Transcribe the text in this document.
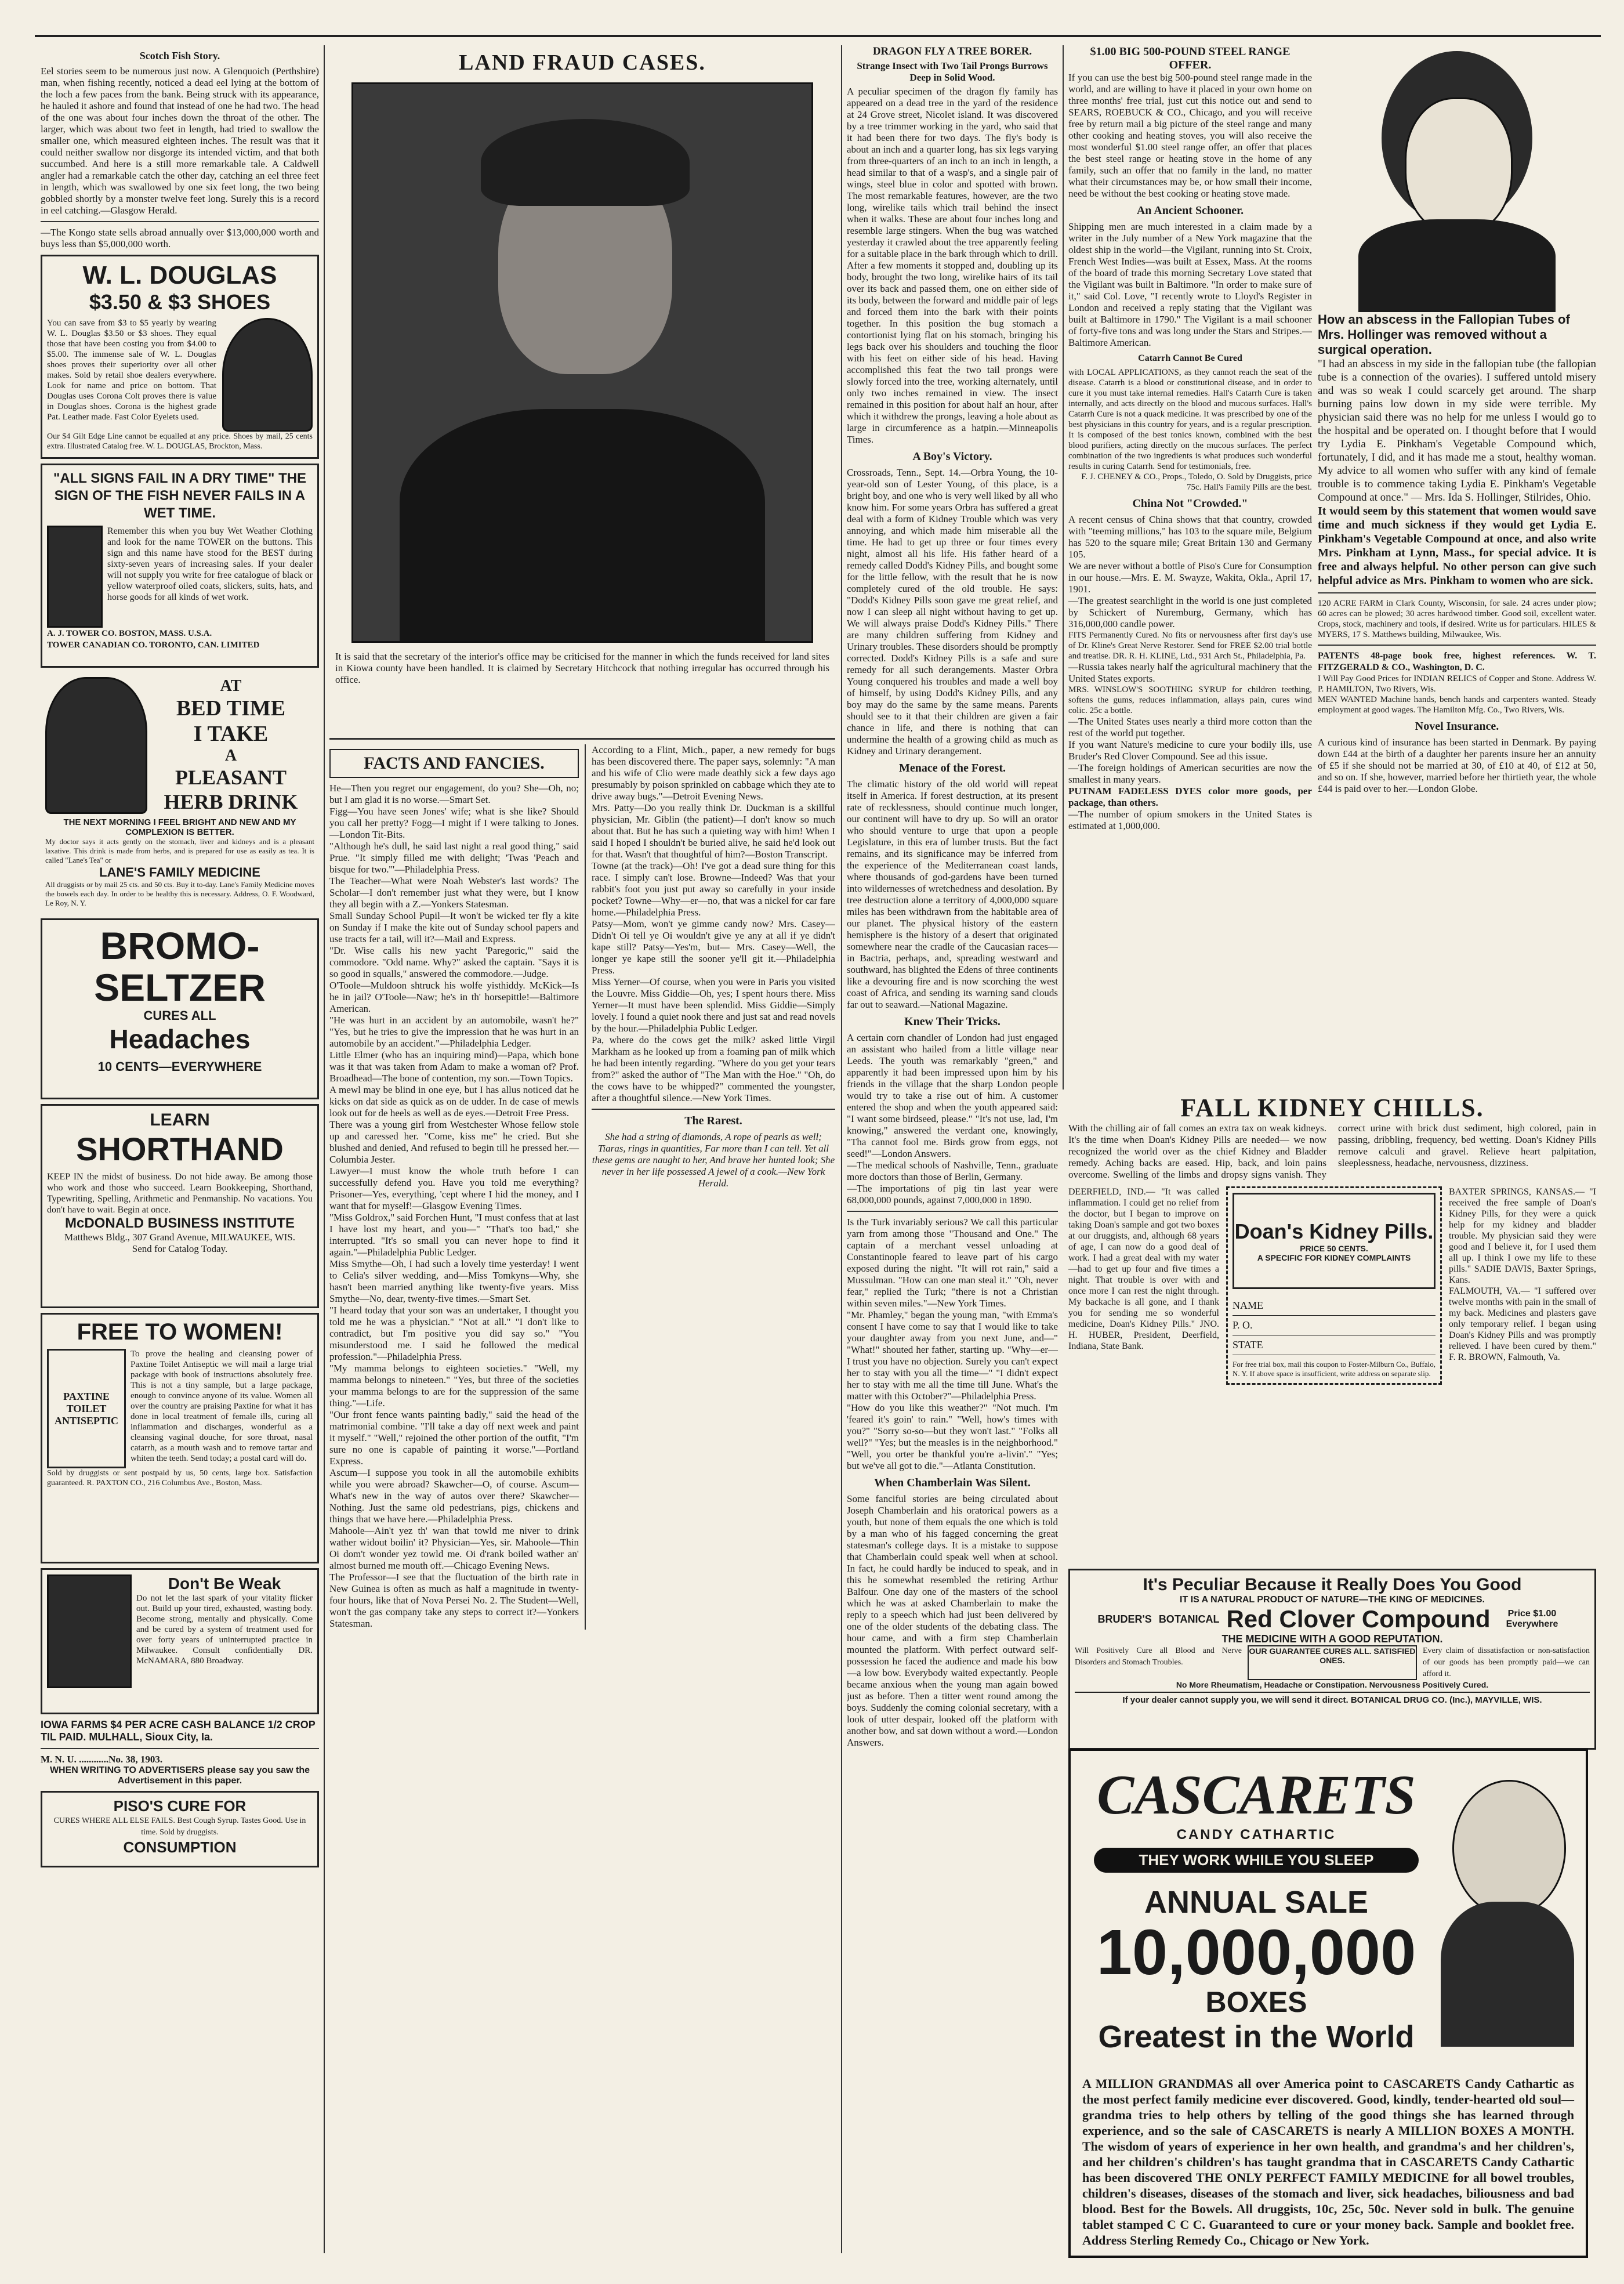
Scotch Fish Story.
Eel stories seem to be numerous just now. A Glenquoich (Perthshire) man, when fishing recently, noticed a dead eel lying at the bottom of the loch a few paces from the bank. Being struck with its appearance, he hauled it ashore and found that instead of one he had two. The head of the one was about four inches down the throat of the other. The larger, which was about two feet in length, had tried to swallow the smaller one, which measured eighteen inches. The result was that it could neither swallow nor disgorge its intended victim, and that both succumbed. And here is a still more remarkable tale. A Caldwell angler had a remarkable catch the other day, catching an eel three feet in length, which was swallowed by one six feet long, the two being gobbled shortly by a monster twelve feet long. Surely this is a record in eel catching.—Glasgow Herald.
—The Kongo state sells abroad annually over $13,000,000 worth and buys less than $5,000,000 worth.
W. L. DOUGLAS
$3.50 & $3 SHOES
You can save from $3 to $5 yearly by wearing W. L. Douglas $3.50 or $3 shoes. They equal those that have been costing you from $4.00 to $5.00. The immense sale of W. L. Douglas shoes proves their superiority over all other makes. Sold by retail shoe dealers everywhere. Look for name and price on bottom. That Douglas uses Corona Colt proves there is value in Douglas shoes. Corona is the highest grade Pat. Leather made. Fast Color Eyelets used.
Our $4 Gilt Edge Line cannot be equalled at any price. Shoes by mail, 25 cents extra. Illustrated Catalog free. W. L. DOUGLAS, Brockton, Mass.
"ALL SIGNS FAIL IN A DRY TIME" THE SIGN OF THE FISH NEVER FAILS IN A WET TIME.
Remember this when you buy Wet Weather Clothing and look for the name TOWER on the buttons. This sign and this name have stood for the BEST during sixty-seven years of increasing sales. If your dealer will not supply you write for free catalogue of black or yellow waterproof oiled coats, slickers, suits, hats, and horse goods for all kinds of wet work.
A. J. TOWER CO. BOSTON, MASS. U.S.A.
TOWER CANADIAN CO. TORONTO, CAN. LIMITED
AT
BED TIME
I TAKE
A
PLEASANT
HERB DRINK
THE NEXT MORNING I FEEL BRIGHT AND NEW AND MY COMPLEXION IS BETTER.
My doctor says it acts gently on the stomach, liver and kidneys and is a pleasant laxative. This drink is made from herbs, and is prepared for use as easily as tea. It is called "Lane's Tea" or
LANE'S FAMILY MEDICINE
All druggists or by mail 25 cts. and 50 cts. Buy it to-day. Lane's Family Medicine moves the bowels each day. In order to be healthy this is necessary. Address, O. F. Woodward, Le Roy, N. Y.
BROMO-
SELTZER
CURES ALL
Headaches
10 CENTS—EVERYWHERE
LEARN
SHORTHAND
KEEP IN the midst of business. Do not hide away. Be among those who work and those who succeed. Learn Bookkeeping, Shorthand, Typewriting, Spelling, Arithmetic and Penmanship. No vacations. You don't have to wait. Begin at once.
McDONALD BUSINESS INSTITUTE
Matthews Bldg., 307 Grand Avenue, MILWAUKEE, WIS.
Send for Catalog Today.
FREE TO WOMEN!
PAXTINE TOILET ANTISEPTIC
To prove the healing and cleansing power of Paxtine Toilet Antiseptic we will mail a large trial package with book of instructions absolutely free. This is not a tiny sample, but a large package, enough to convince anyone of its value. Women all over the country are praising Paxtine for what it has done in local treatment of female ills, curing all inflammation and discharges, wonderful as a cleansing vaginal douche, for sore throat, nasal catarrh, as a mouth wash and to remove tartar and whiten the teeth. Send today; a postal card will do.
Sold by druggists or sent postpaid by us, 50 cents, large box. Satisfaction guaranteed. R. PAXTON CO., 216 Columbus Ave., Boston, Mass.
Don't Be Weak
Do not let the last spark of your vitality flicker out. Build up your tired, exhausted, wasting body. Become strong, mentally and physically. Come and be cured by a system of treatment used for over forty years of uninterrupted practice in Milwaukee. Consult confidentially DR. McNAMARA, 880 Broadway.
IOWA FARMS $4 PER ACRE CASH BALANCE 1/2 CROP TIL PAID. MULHALL, Sioux City, Ia.
M. N. U. ............No. 38, 1903.
WHEN WRITING TO ADVERTISERS please say you saw the Advertisement in this paper.
PISO'S CURE FOR
CURES WHERE ALL ELSE FAILS. Best Cough Syrup. Tastes Good. Use in time. Sold by druggists.
CONSUMPTION
LAND FRAUD CASES.
It is said that the secretary of the interior's office may be criticised for the manner in which the funds received for land sites in Kiowa county have been handled. It is claimed by Secretary Hitchcock that nothing irregular has occurred through his office.
FACTS AND FANCIES.
He—Then you regret our engagement, do you? She—Oh, no; but I am glad it is no worse.—Smart Set.
Figg—You have seen Jones' wife; what is she like? Should you call her pretty? Fogg—I might if I were talking to Jones.—London Tit-Bits.
"Although he's dull, he said last night a real good thing," said Prue. "It simply filled me with delight; 'Twas 'Peach and bisque for two.'"—Philadelphia Press.
The Teacher—What were Noah Webster's last words? The Scholar—I don't remember just what they were, but I know they all begin with a Z.—Yonkers Statesman.
Small Sunday School Pupil—It won't be wicked ter fly a kite on Sunday if I make the kite out of Sunday school papers and use tracts fer a tail, will it?—Mail and Express.
"Dr. Wise calls his new yacht 'Paregoric,'" said the commodore. "Odd name. Why?" asked the captain. "Says it is so good in squalls," answered the commodore.—Judge.
O'Toole—Muldoon shtruck his wolfe yisthiddy. McKick—Is he in jail? O'Toole—Naw; he's in th' horsepittle!—Baltimore American.
"He was hurt in an accident by an automobile, wasn't he?" "Yes, but he tries to give the impression that he was hurt in an automobile by an accident."—Philadelphia Ledger.
Little Elmer (who has an inquiring mind)—Papa, which bone was it that was taken from Adam to make a woman of? Prof. Broadhead—The bone of contention, my son.—Town Topics.
A mewl may be blind in one eye, but I has allus noticed dat he kicks on dat side as quick as on de udder. In de case of mewls look out for de heels as well as de eyes.—Detroit Free Press.
There was a young girl from Westchester Whose fellow stole up and caressed her. "Come, kiss me" he cried. But she blushed and denied, And refused to begin till he pressed her.—Columbia Jester.
Lawyer—I must know the whole truth before I can successfully defend you. Have you told me everything? Prisoner—Yes, everything, 'cept where I hid the money, and I want that for myself!—Glasgow Evening Times.
"Miss Goldrox," said Forchen Hunt, "I must confess that at last I have lost my heart, and you—" "That's too bad," she interrupted. "It's so small you can never hope to find it again."—Philadelphia Public Ledger.
Miss Smythe—Oh, I had such a lovely time yesterday! I went to Celia's silver wedding, and—Miss Tomkyns—Why, she hasn't been married anything like twenty-five years. Miss Smythe—No, dear, twenty-five times.—Smart Set.
"I heard today that your son was an undertaker, I thought you told me he was a physician." "Not at all." "I don't like to contradict, but I'm positive you did say so." "You misunderstood me. I said he followed the medical profession."—Philadelphia Press.
"My mamma belongs to eighteen societies." "Well, my mamma belongs to nineteen." "Yes, but three of the societies your mamma belongs to are for the suppression of the same thing."—Life.
"Our front fence wants painting badly," said the head of the matrimonial combine. "I'll take a day off next week and paint it myself." "Well," rejoined the other portion of the outfit, "I'm sure no one is capable of painting it worse."—Portland Express.
Ascum—I suppose you took in all the automobile exhibits while you were abroad? Skawcher—O, of course. Ascum—What's new in the way of autos over there? Skawcher—Nothing. Just the same old pedestrians, pigs, chickens and things that we have here.—Philadelphia Press.
Mahoole—Ain't yez th' wan that towld me niver to drink wather widout boilin' it? Physician—Yes, sir. Mahoole—Thin Oi dom't wonder yez towld me. Oi d'rank boiled wather an' almost burned me mouth off.—Chicago Evening News.
The Professor—I see that the fluctuation of the birth rate in New Guinea is often as much as half a magnitude in twenty-four hours, like that of Nova Persei No. 2. The Student—Well, won't the gas company take any steps to correct it?—Yonkers Statesman.
According to a Flint, Mich., paper, a new remedy for bugs has been discovered there. The paper says, solemnly: "A man and his wife of Clio were made deathly sick a few days ago presumably by poison sprinkled on cabbage which they ate to drive away bugs."—Detroit Evening News.
Mrs. Patty—Do you really think Dr. Duckman is a skillful physician, Mr. Giblin (the patient)—I don't know so much about that. But he has such a quieting way with him! When I said I hoped I shouldn't be buried alive, he said he'd look out for that. Wasn't that thoughtful of him?—Boston Transcript.
Towne (at the track)—Oh! I've got a dead sure thing for this race. I simply can't lose. Browne—Indeed? Was that your rabbit's foot you just put away so carefully in your inside pocket? Towne—Why—er—no, that was a nickel for car fare home.—Philadelphia Press.
Patsy—Mom, won't ye gimme candy now? Mrs. Casey—Didn't Oi tell ye Oi wouldn't give ye any at all if ye didn't kape still? Patsy—Yes'm, but— Mrs. Casey—Well, the longer ye kape still the sooner ye'll git it.—Philadelphia Press.
Miss Yerner—Of course, when you were in Paris you visited the Louvre. Miss Giddie—Oh, yes; I spent hours there. Miss Yerner—It must have been splendid. Miss Giddie—Simply lovely. I found a quiet nook there and just sat and read novels by the hour.—Philadelphia Public Ledger.
Pa, where do the cows get the milk? asked little Virgil Markham as he looked up from a foaming pan of milk which he had been intently regarding. "Where do you get your tears from?" asked the author of "The Man with the Hoe." "Oh, do the cows have to be whipped?" commented the youngster, after a thoughtful silence.—New York Times.
The Rarest.
She had a string of diamonds, A rope of pearls as well; Tiaras, rings in quantities, Far more than I can tell. Yet all these gems are naught to her, And brave her hunted look; She never in her life possessed A jewel of a cook.—New York Herald.
DRAGON FLY A TREE BORER.
Strange Insect with Two Tail Prongs Burrows Deep in Solid Wood.
A peculiar specimen of the dragon fly family has appeared on a dead tree in the yard of the residence at 24 Grove street, Nicolet island. It was discovered by a tree trimmer working in the yard, who said that it had been there for two days. The fly's body is about an inch and a quarter long, has six legs varying from three-quarters of an inch to an inch in length, a head similar to that of a wasp's, and a single pair of wings, steel blue in color and spotted with brown. The most remarkable features, however, are the two long, wirelike tails which trail behind the insect when it walks. These are about four inches long and resemble large stingers. When the bug was watched yesterday it crawled about the tree apparently feeling for a suitable place in the bark through which to drill. After a few moments it stopped and, doubling up its body, brought the two long, wirelike hairs of its tail over its back and passed them, one on either side of its body, between the forward and middle pair of legs and forced them into the bark with their points together. In this position the bug stomach a contortionist lying flat on his stomach, bringing his legs back over his shoulders and touching the floor with his feet on either side of his head. Having accomplished this feat the two tail prongs were slowly forced into the tree, working alternately, until only two inches remained in view. The insect remained in this position for about half an hour, after which it withdrew the prongs, leaving a hole about as large in circumference as a hatpin.—Minneapolis Times.
A Boy's Victory.
Crossroads, Tenn., Sept. 14.—Orbra Young, the 10-year-old son of Lester Young, of this place, is a bright boy, and one who is very well liked by all who know him. For some years Orbra has suffered a great deal with a form of Kidney Trouble which was very annoying, and which made him miserable all the time. He had to get up three or four times every night, almost all his life. His father heard of a remedy called Dodd's Kidney Pills, and bought some for the little fellow, with the result that he is now completely cured of the old trouble. He says: "Dodd's Kidney Pills soon gave me great relief, and now I can sleep all night without having to get up. We will always praise Dodd's Kidney Pills." There are many children suffering from Kidney and Urinary troubles. These disorders should be promptly corrected. Dodd's Kidney Pills is a safe and sure remedy for all such derangements. Master Orbra Young conquered his troubles and made a well boy of himself, by using Dodd's Kidney Pills, and any boy may do the same by the same means. Parents should see to it that their children are given a fair chance in life, and there is nothing that can undermine the health of a growing child as much as Kidney and Urinary derangement.
Menace of the Forest.
The climatic history of the old world will repeat itself in America. If forest destruction, at its present rate of recklessness, should continue much longer, our continent will have to dry up. So will an orator who should venture to urge that upon a people Legislature, in this era of lumber trusts. But the fact remains, and its significance may be inferred from the experience of the Mediterranean coast lands, where thousands of god-gardens have been turned into wildernesses of wretchedness and desolation. By tree destruction alone a territory of 4,000,000 square miles has been withdrawn from the habitable area of our planet. The physical history of the eastern hemisphere is the history of a desert that originated somewhere near the cradle of the Caucasian races—in Bactria, perhaps, and, spreading westward and southward, has blighted the Edens of three continents like a devouring fire and is now scorching the west coast of Africa, and sending its warning sand clouds far out to seaward.—National Magazine.
Knew Their Tricks.
A certain corn chandler of London had just engaged an assistant who hailed from a little village near Leeds. The youth was remarkably "green," and apparently it had been impressed upon him by his friends in the village that the sharp London people would try to take a rise out of him. A customer entered the shop and when the youth appeared said: "I want some birdseed, please." "It's not use, lad, I'm knowing," answered the verdant one, knowingly, "Tha cannot fool me. Birds grow from eggs, not seed!"—London Answers.
—The medical schools of Nashville, Tenn., graduate more doctors than those of Berlin, Germany.
—The importations of pig tin last year were 68,000,000 pounds, against 7,000,000 in 1890.
Is the Turk invariably serious? We call this particular yarn from among those "Thousand and One." The captain of a merchant vessel unloading at Constantinople feared to leave part of his cargo exposed during the night. "It will rot rain," said a Mussulman. "How can one man steal it." "Oh, never fear," replied the Turk; "there is not a Christian within seven miles."—New York Times.
"Mr. Phamley," began the young man, "with Emma's consent I have come to say that I would like to take your daughter away from you next June, and—" "What!" shouted her father, starting up. "Why—er—I trust you have no objection. Surely you can't expect her to stay with you all the time—" "I didn't expect her to stay with me all the time till June. What's the matter with this October?"—Philadelphia Press.
"How do you like this weather?" "Not much. I'm 'feared it's goin' to rain." "Well, how's times with you?" "Sorry so-so—but they won't last." "Folks all well?" "Yes; but the measles is in the neighborhood." "Well, you orter be thankful you're a-livin'." "Yes; but we've all got to die."—Atlanta Constitution.
When Chamberlain Was Silent.
Some fanciful stories are being circulated about Joseph Chamberlain and his oratorical powers as a youth, but none of them equals the one which is told by a man who of his fagged concerning the great statesman's college days. It is a mistake to suppose that Chamberlain could speak well when at school. In fact, he could hardly be induced to speak, and in this he somewhat resembled the retiring Arthur Balfour. One day one of the masters of the school which he was at asked Chamberlain to make the reply to a speech which had just been delivered by one of the older students of the debating class. The hour came, and with a firm step Chamberlain mounted the platform. With perfect outward self-possession he faced the audience and made his bow—a low bow. Everybody waited expectantly. People became anxious when the young man again bowed just as before. Then a titter went round among the boys. Suddenly the coming colonial secretary, with a look of utter despair, looked off the platform with another bow, and sat down without a word.—London Answers.
$1.00 BIG 500-POUND STEEL RANGE OFFER.
If you can use the best big 500-pound steel range made in the world, and are willing to have it placed in your own home on three months' free trial, just cut this notice out and send to SEARS, ROEBUCK & CO., Chicago, and you will receive free by return mail a big picture of the steel range and many other cooking and heating stoves, you will also receive the most wonderful $1.00 steel range offer, an offer that places the best steel range or heating stove in the home of any family, such an offer that no family in the land, no matter what their circumstances may be, or how small their income, need be without the best cooking or heating stove made.
An Ancient Schooner.
Shipping men are much interested in a claim made by a writer in the July number of a New York magazine that the oldest ship in the world—the Vigilant, running into St. Croix, French West Indies—was built at Essex, Mass. At the rooms of the board of trade this morning Secretary Love stated that the Vigilant was built in Baltimore. "In order to make sure of it," said Col. Love, "I recently wrote to Lloyd's Register in London and received a reply stating that the Vigilant was built at Baltimore in 1790." The Vigilant is a mail schooner of forty-five tons and was long under the Stars and Stripes.—Baltimore American.
Catarrh Cannot Be Cured
with LOCAL APPLICATIONS, as they cannot reach the seat of the disease. Catarrh is a blood or constitutional disease, and in order to cure it you must take internal remedies. Hall's Catarrh Cure is taken internally, and acts directly on the blood and mucous surfaces. Hall's Catarrh Cure is not a quack medicine. It was prescribed by one of the best physicians in this country for years, and is a regular prescription. It is composed of the best tonics known, combined with the best blood purifiers, acting directly on the mucous surfaces. The perfect combination of the two ingredients is what produces such wonderful results in curing Catarrh. Send for testimonials, free.
F. J. CHENEY & CO., Props., Toledo, O. Sold by Druggists, price 75c. Hall's Family Pills are the best.
China Not "Crowded."
A recent census of China shows that that country, crowded with "teeming millions," has 103 to the square mile, Belgium has 520 to the square mile; Great Britain 130 and Germany 105.
We are never without a bottle of Piso's Cure for Consumption in our house.—Mrs. E. M. Swayze, Wakita, Okla., April 17, 1901.
—The greatest searchlight in the world is one just completed by Schickert of Nuremburg, Germany, which has 316,000,000 candle power.
FITS Permanently Cured. No fits or nervousness after first day's use of Dr. Kline's Great Nerve Restorer. Send for FREE $2.00 trial bottle and treatise. DR. R. H. KLINE, Ltd., 931 Arch St., Philadelphia, Pa.
—Russia takes nearly half the agricultural machinery that the United States exports.
MRS. WINSLOW'S SOOTHING SYRUP for children teething, softens the gums, reduces inflammation, allays pain, cures wind colic. 25c a bottle.
—The United States uses nearly a third more cotton than the rest of the world put together.
If you want Nature's medicine to cure your bodily ills, use Bruder's Red Clover Compound. See ad this issue.
—The foreign holdings of American securities are now the smallest in many years.
PUTNAM FADELESS DYES color more goods, per package, than others.
—The number of opium smokers in the United States is estimated at 1,000,000.
How an abscess in the Fallopian Tubes of Mrs. Hollinger was removed without a surgical operation.
"I had an abscess in my side in the fallopian tube (the fallopian tube is a connection of the ovaries). I suffered untold misery and was so weak I could scarcely get around. The sharp burning pains low down in my side were terrible. My physician said there was no help for me unless I would go to the hospital and be operated on. I thought before that I would try Lydia E. Pinkham's Vegetable Compound which, fortunately, I did, and it has made me a stout, healthy woman. My advice to all women who suffer with any kind of female trouble is to commence taking Lydia E. Pinkham's Vegetable Compound at once." — Mrs. Ida S. Hollinger, Stilrides, Ohio.
It would seem by this statement that women would save time and much sickness if they would get Lydia E. Pinkham's Vegetable Compound at once, and also write Mrs. Pinkham at Lynn, Mass., for special advice. It is free and always helpful. No other person can give such helpful advice as Mrs. Pinkham to women who are sick.
120 ACRE FARM in Clark County, Wisconsin, for sale. 24 acres under plow; 60 acres can be plowed; 30 acres hardwood timber. Good soil, excellent water. Crops, stock, machinery and tools, if desired. Write us for particulars. HILES & MYERS, 17 S. Matthews building, Milwaukee, Wis.
PATENTS 48-page book free, highest references. W. T. FITZGERALD & CO., Washington, D. C.
I Will Pay Good Prices for INDIAN RELICS of Copper and Stone. Address W. P. HAMILTON, Two Rivers, Wis.
MEN WANTED Machine hands, bench hands and carpenters wanted. Steady employment at good wages. The Hamilton Mfg. Co., Two Rivers, Wis.
Novel Insurance.
A curious kind of insurance has been started in Denmark. By paying down £44 at the birth of a daughter her parents insure her an annuity of £5 if she should not be married at 30, of £10 at 40, of £12 at 50, and so on. If she, however, married before her thirtieth year, the whole £44 is paid over to her.—London Globe.
FALL KIDNEY CHILLS.
With the chilling air of fall comes an extra tax on weak kidneys. It's the time when Doan's Kidney Pills are needed— we now recognized the world over as the chief Kidney and Bladder remedy. Aching backs are eased. Hip, back, and loin pains overcome. Swelling of the limbs and dropsy signs vanish. They correct urine with brick dust sediment, high colored, pain in passing, dribbling, frequency, bed wetting. Doan's Kidney Pills remove calculi and gravel. Relieve heart palpitation, sleeplessness, headache, nervousness, dizziness.
DEERFIELD, IND.— "It was called inflammation. I could get no relief from the doctor, but I began to improve on taking Doan's sample and got two boxes at our druggists, and, although 68 years of age, I can now do a good deal of work. I had a great deal with my water—had to get up four and five times a night. That trouble is over with and once more I can rest the night through. My backache is all gone, and I thank you for sending me so wonderful medicine, Doan's Kidney Pills." JNO. H. HUBER, President, Deerfield, Indiana, State Bank.
Doan's Kidney Pills.
PRICE 50 CENTS.
A SPECIFIC FOR KIDNEY COMPLAINTS
NAME
P. O.
STATE
For free trial box, mail this coupon to Foster-Milburn Co., Buffalo, N. Y. If above space is insufficient, write address on separate slip.
BAXTER SPRINGS, KANSAS.— "I received the free sample of Doan's Kidney Pills, for they were a quick help for my kidney and bladder trouble. My physician said they were good and I believe it, for I used them all up. I think I owe my life to these pills." SADIE DAVIS, Baxter Springs, Kans.
FALMOUTH, VA.— "I suffered over twelve months with pain in the small of my back. Medicines and plasters gave only temporary relief. I began using Doan's Kidney Pills and was promptly relieved. I have been cured by them." F. R. BROWN, Falmouth, Va.
It's Peculiar Because it Really Does You Good
IT IS A NATURAL PRODUCT OF NATURE—THE KING OF MEDICINES.
BRUDER'S BOTANICAL Red Clover Compound	Price $1.00 Everywhere
THE MEDICINE WITH A GOOD REPUTATION.
Will Positively Cure all Blood and Nerve Disorders and Stomach Troubles.
OUR GUARANTEE CURES ALL. SATISFIED ONES.
Every claim of dissatisfaction or non-satisfaction of our goods has been promptly paid—we can afford it.
No More Rheumatism, Headache or Constipation. Nervousness Positively Cured.
If your dealer cannot supply you, we will send it direct. BOTANICAL DRUG CO. (Inc.), MAYVILLE, WIS.
CASCARETS
CANDY CATHARTIC
THEY WORK WHILE YOU SLEEP
ANNUAL SALE
10,000,000
BOXES
Greatest in the World
A MILLION GRANDMAS all over America point to CASCARETS Candy Cathartic as the most perfect family medicine ever discovered. Good, kindly, tender-hearted old soul—grandma tries to help others by telling of the good things she has learned through experience, and so the sale of CASCARETS is nearly A MILLION BOXES A MONTH. The wisdom of years of experience in her own health, and grandma's and her children's, and her children's children's has taught grandma that in CASCARETS Candy Cathartic has been discovered THE ONLY PERFECT FAMILY MEDICINE for all bowel troubles, children's diseases, diseases of the stomach and liver, sick headaches, biliousness and bad blood. Best for the Bowels. All druggists, 10c, 25c, 50c. Never sold in bulk. The genuine tablet stamped C C C. Guaranteed to cure or your money back. Sample and booklet free. Address Sterling Remedy Co., Chicago or New York.
